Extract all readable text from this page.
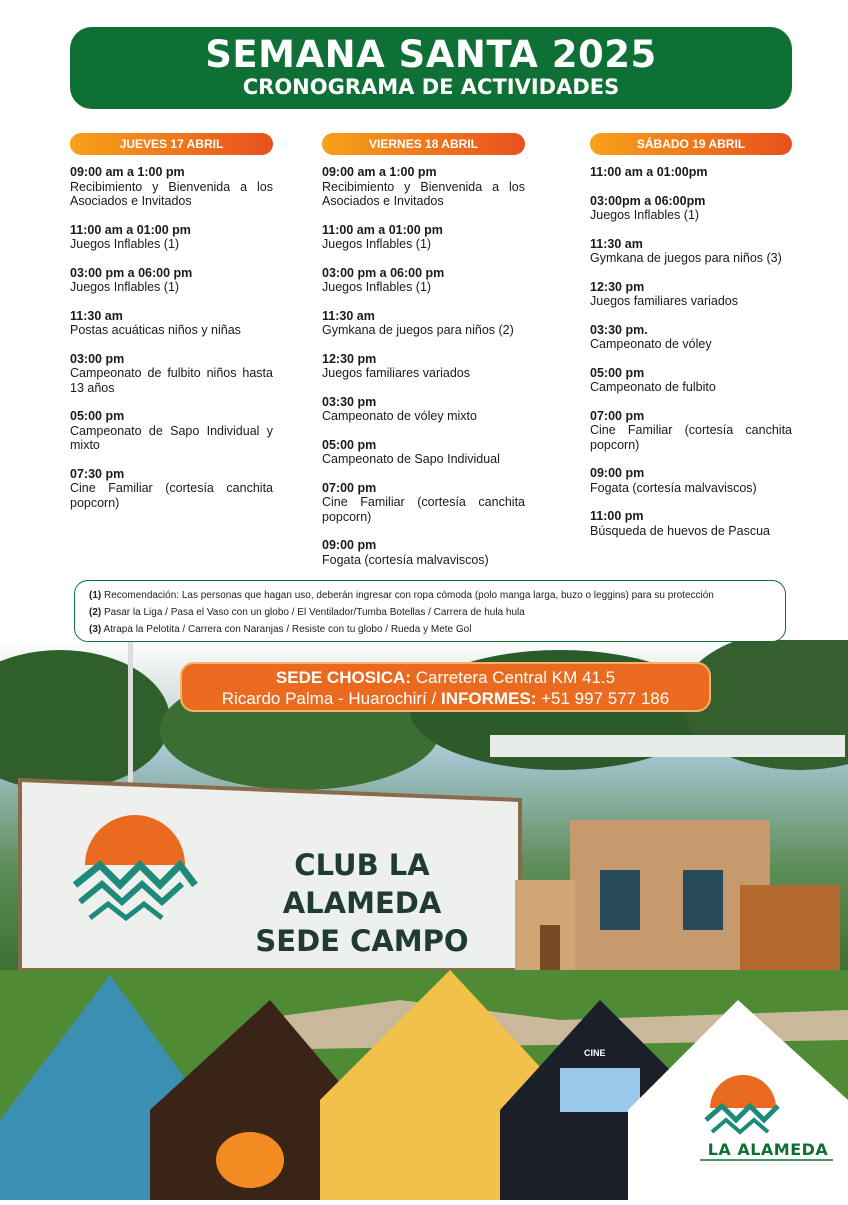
SEMANA SANTA 2025
CRONOGRAMA DE ACTIVIDADES
JUEVES 17 ABRIL
09:00 am a 1:00 pm
Recibimiento y Bienvenida a los Asociados e Invitados
11:00 am a 01:00 pm
Juegos Inflables (1)
03:00 pm a 06:00 pm
Juegos Inflables (1)
11:30 am
Postas acuáticas niños y niñas
03:00 pm
Campeonato de fulbito niños hasta 13 años
05:00 pm
Campeonato de Sapo Individual y mixto
07:30 pm
Cine Familiar (cortesía canchita popcorn)
VIERNES 18 ABRIL
09:00 am a 1:00 pm
Recibimiento y Bienvenida a los Asociados e Invitados
11:00 am a 01:00 pm
Juegos Inflables (1)
03:00 pm a 06:00 pm
Juegos Inflables (1)
11:30 am
Gymkana de juegos para niños (2)
12:30 pm
Juegos familiares variados
03:30 pm
Campeonato de vóley mixto
05:00 pm
Campeonato de Sapo Individual
07:00 pm
Cine Familiar (cortesía canchita popcorn)
09:00 pm
Fogata (cortesía malvaviscos)
SÁBADO 19 ABRIL
11:00 am a 01:00pm
03:00pm a 06:00pm
Juegos Inflables (1)
11:30 am
Gymkana de juegos para niños (3)
12:30 pm
Juegos familiares variados
03:30 pm.
Campeonato de vóley
05:00 pm
Campeonato de fulbito
07:00 pm
Cine Familiar (cortesía canchita popcorn)
09:00 pm
Fogata (cortesía malvaviscos)
11:00 pm
Búsqueda de huevos de Pascua
CLUB LA ALAMEDA
SEDE CAMPO
CINE
(1) Recomendación: Las personas que hagan uso, deberán ingresar con ropa cómoda (polo manga larga, buzo o leggins) para su protección
(2) Pasar la Liga / Pasa el Vaso con un globo / El Ventilador/Tumba Botellas / Carrera de hula hula
(3) Atrapa la Pelotita / Carrera con Naranjas / Resiste con tu globo / Rueda y Mete Gol
SEDE CHOSICA: Carretera Central KM 41.5
Ricardo Palma - Huarochirí / INFORMES: +51 997 577 186
LA ALAMEDA
